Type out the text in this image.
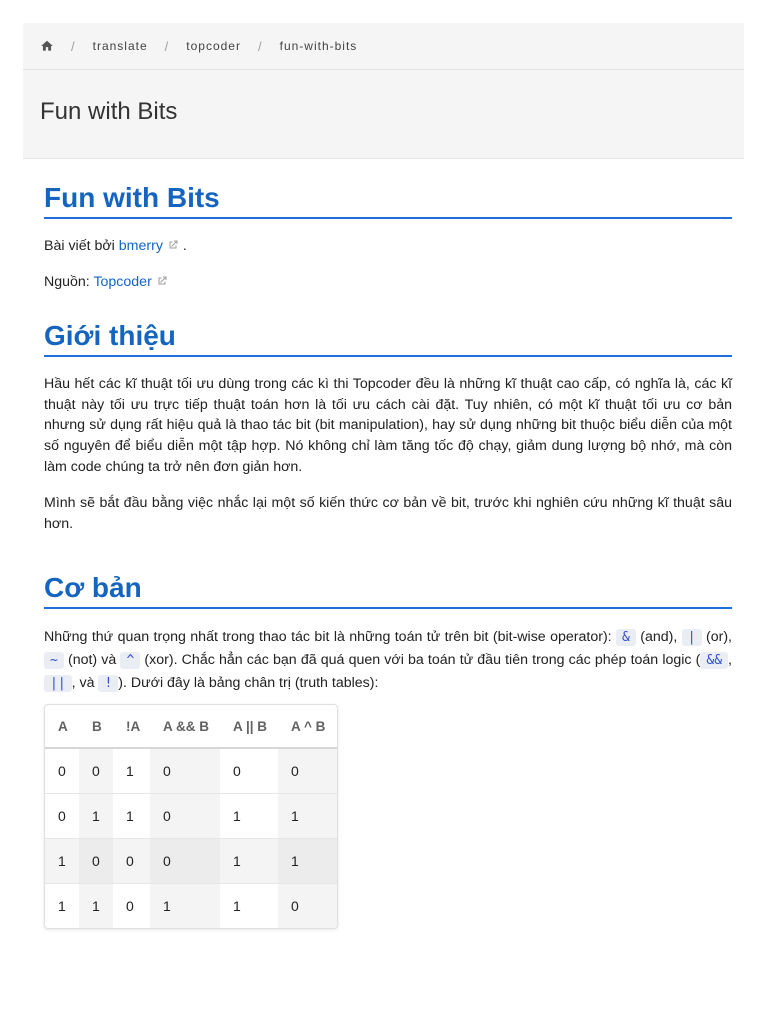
/ translate / topcoder / fun-with-bits
Fun with Bits
Fun with Bits

Bài viết bởi bmerry .

Nguồn: Topcoder

Giới thiệu

Hầu hết các kĩ thuật tối ưu dùng trong các kì thi Topcoder đều là những kĩ thuật cao cấp, có nghĩa là, các kĩ thuật này tối ưu trực tiếp thuật toán hơn là tối ưu cách cài đặt. Tuy nhiên, có một kĩ thuật tối ưu cơ bản nhưng sử dụng rất hiệu quả là thao tác bit (bit manipulation), hay sử dụng những bit thuộc biểu diễn của một số nguyên để biểu diễn một tập hợp. Nó không chỉ làm tăng tốc độ chạy, giảm dung lượng bộ nhớ, mà còn làm code chúng ta trở nên đơn giản hơn.

Mình sẽ bắt đầu bằng việc nhắc lại một số kiến thức cơ bản về bit, trước khi nghiên cứu những kĩ thuật sâu hơn.

Cơ bản

Những thứ quan trọng nhất trong thao tác bit là những toán tử trên bit (bit-wise operator): & (and), | (or), ~ (not) và ^ (xor). Chắc hẳn các bạn đã quá quen với ba toán tử đầu tiên trong các phép toán logic ( && , || , và ! ). Dưới đây là bảng chân trị (truth tables):

A	B	!A	A && B	A || B	A ^ B
0	0	1	0	0	0
0	1	1	0	1	1
1	0	0	0	1	1
1	1	0	1	1	0
